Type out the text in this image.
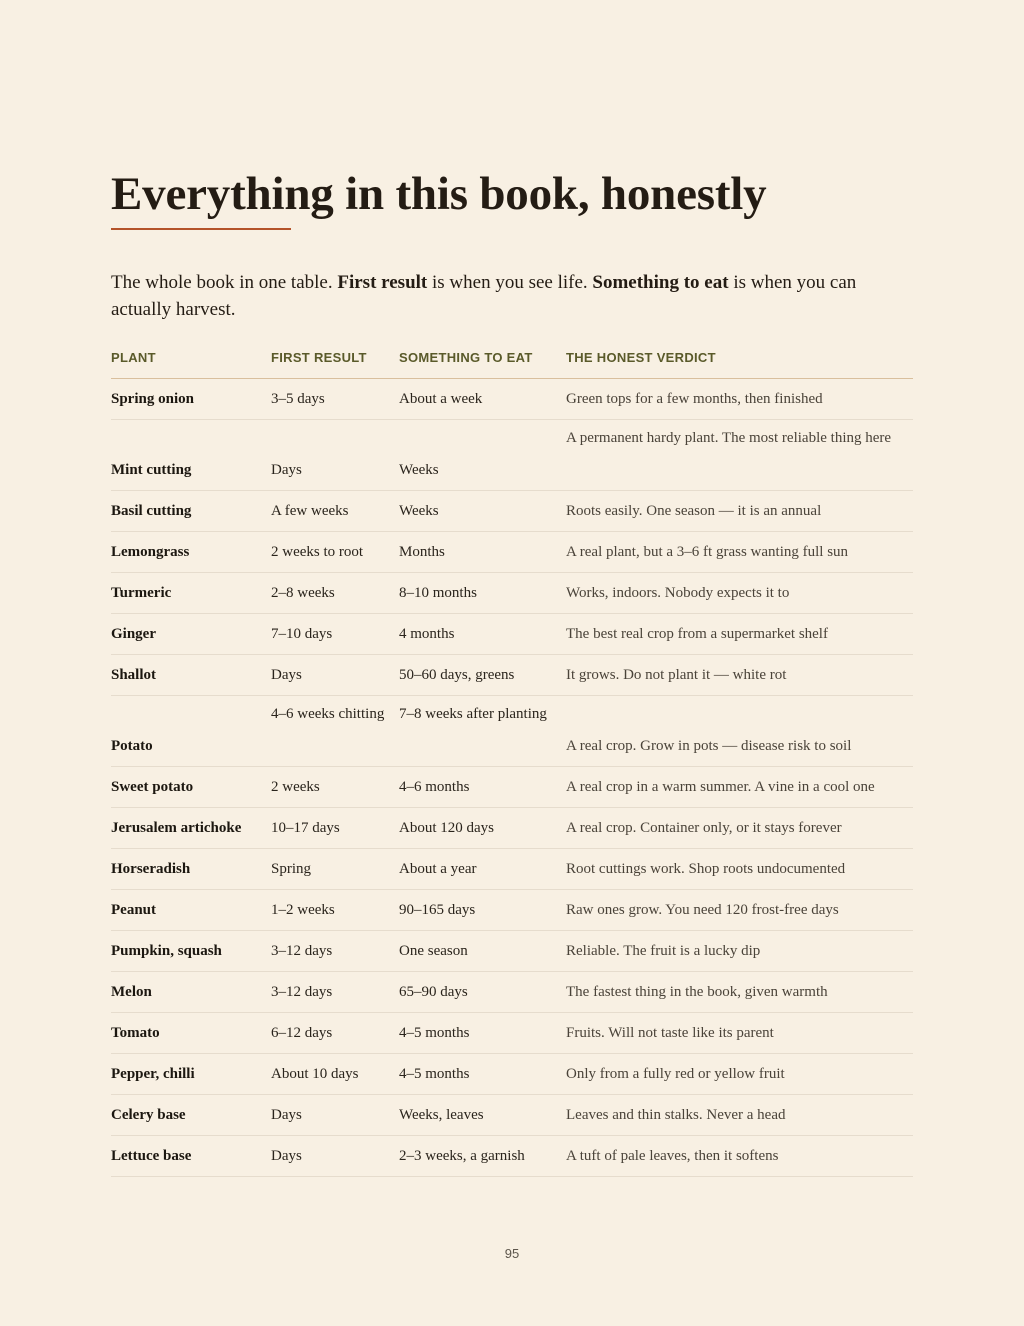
Everything in this book, honestly

The whole book in one table. First result is when you see life. Something to eat is when you can actually harvest.

PLANT	FIRST RESULT	SOMETHING TO EAT	THE HONEST VERDICT
Spring onion	3–5 days	About a week	Green tops for a few months, then finished
Mint cutting	Days	Weeks	A permanent hardy plant. The most reliable thing here
Basil cutting	A few weeks	Weeks	Roots easily. One season — it is an annual
Lemongrass	2 weeks to root	Months	A real plant, but a 3–6 ft grass wanting full sun
Turmeric	2–8 weeks	8–10 months	Works, indoors. Nobody expects it to
Ginger	7–10 days	4 months	The best real crop from a supermarket shelf
Shallot	Days	50–60 days, greens	It grows. Do not plant it — white rot
Potato	4–6 weeks chitting	7–8 weeks after planting	A real crop. Grow in pots — disease risk to soil
Sweet potato	2 weeks	4–6 months	A real crop in a warm summer. A vine in a cool one
Jerusalem artichoke	10–17 days	About 120 days	A real crop. Container only, or it stays forever
Horseradish	Spring	About a year	Root cuttings work. Shop roots undocumented
Peanut	1–2 weeks	90–165 days	Raw ones grow. You need 120 frost-free days
Pumpkin, squash	3–12 days	One season	Reliable. The fruit is a lucky dip
Melon	3–12 days	65–90 days	The fastest thing in the book, given warmth
Tomato	6–12 days	4–5 months	Fruits. Will not taste like its parent
Pepper, chilli	About 10 days	4–5 months	Only from a fully red or yellow fruit
Celery base	Days	Weeks, leaves	Leaves and thin stalks. Never a head
Lettuce base	Days	2–3 weeks, a garnish	A tuft of pale leaves, then it softens
95
